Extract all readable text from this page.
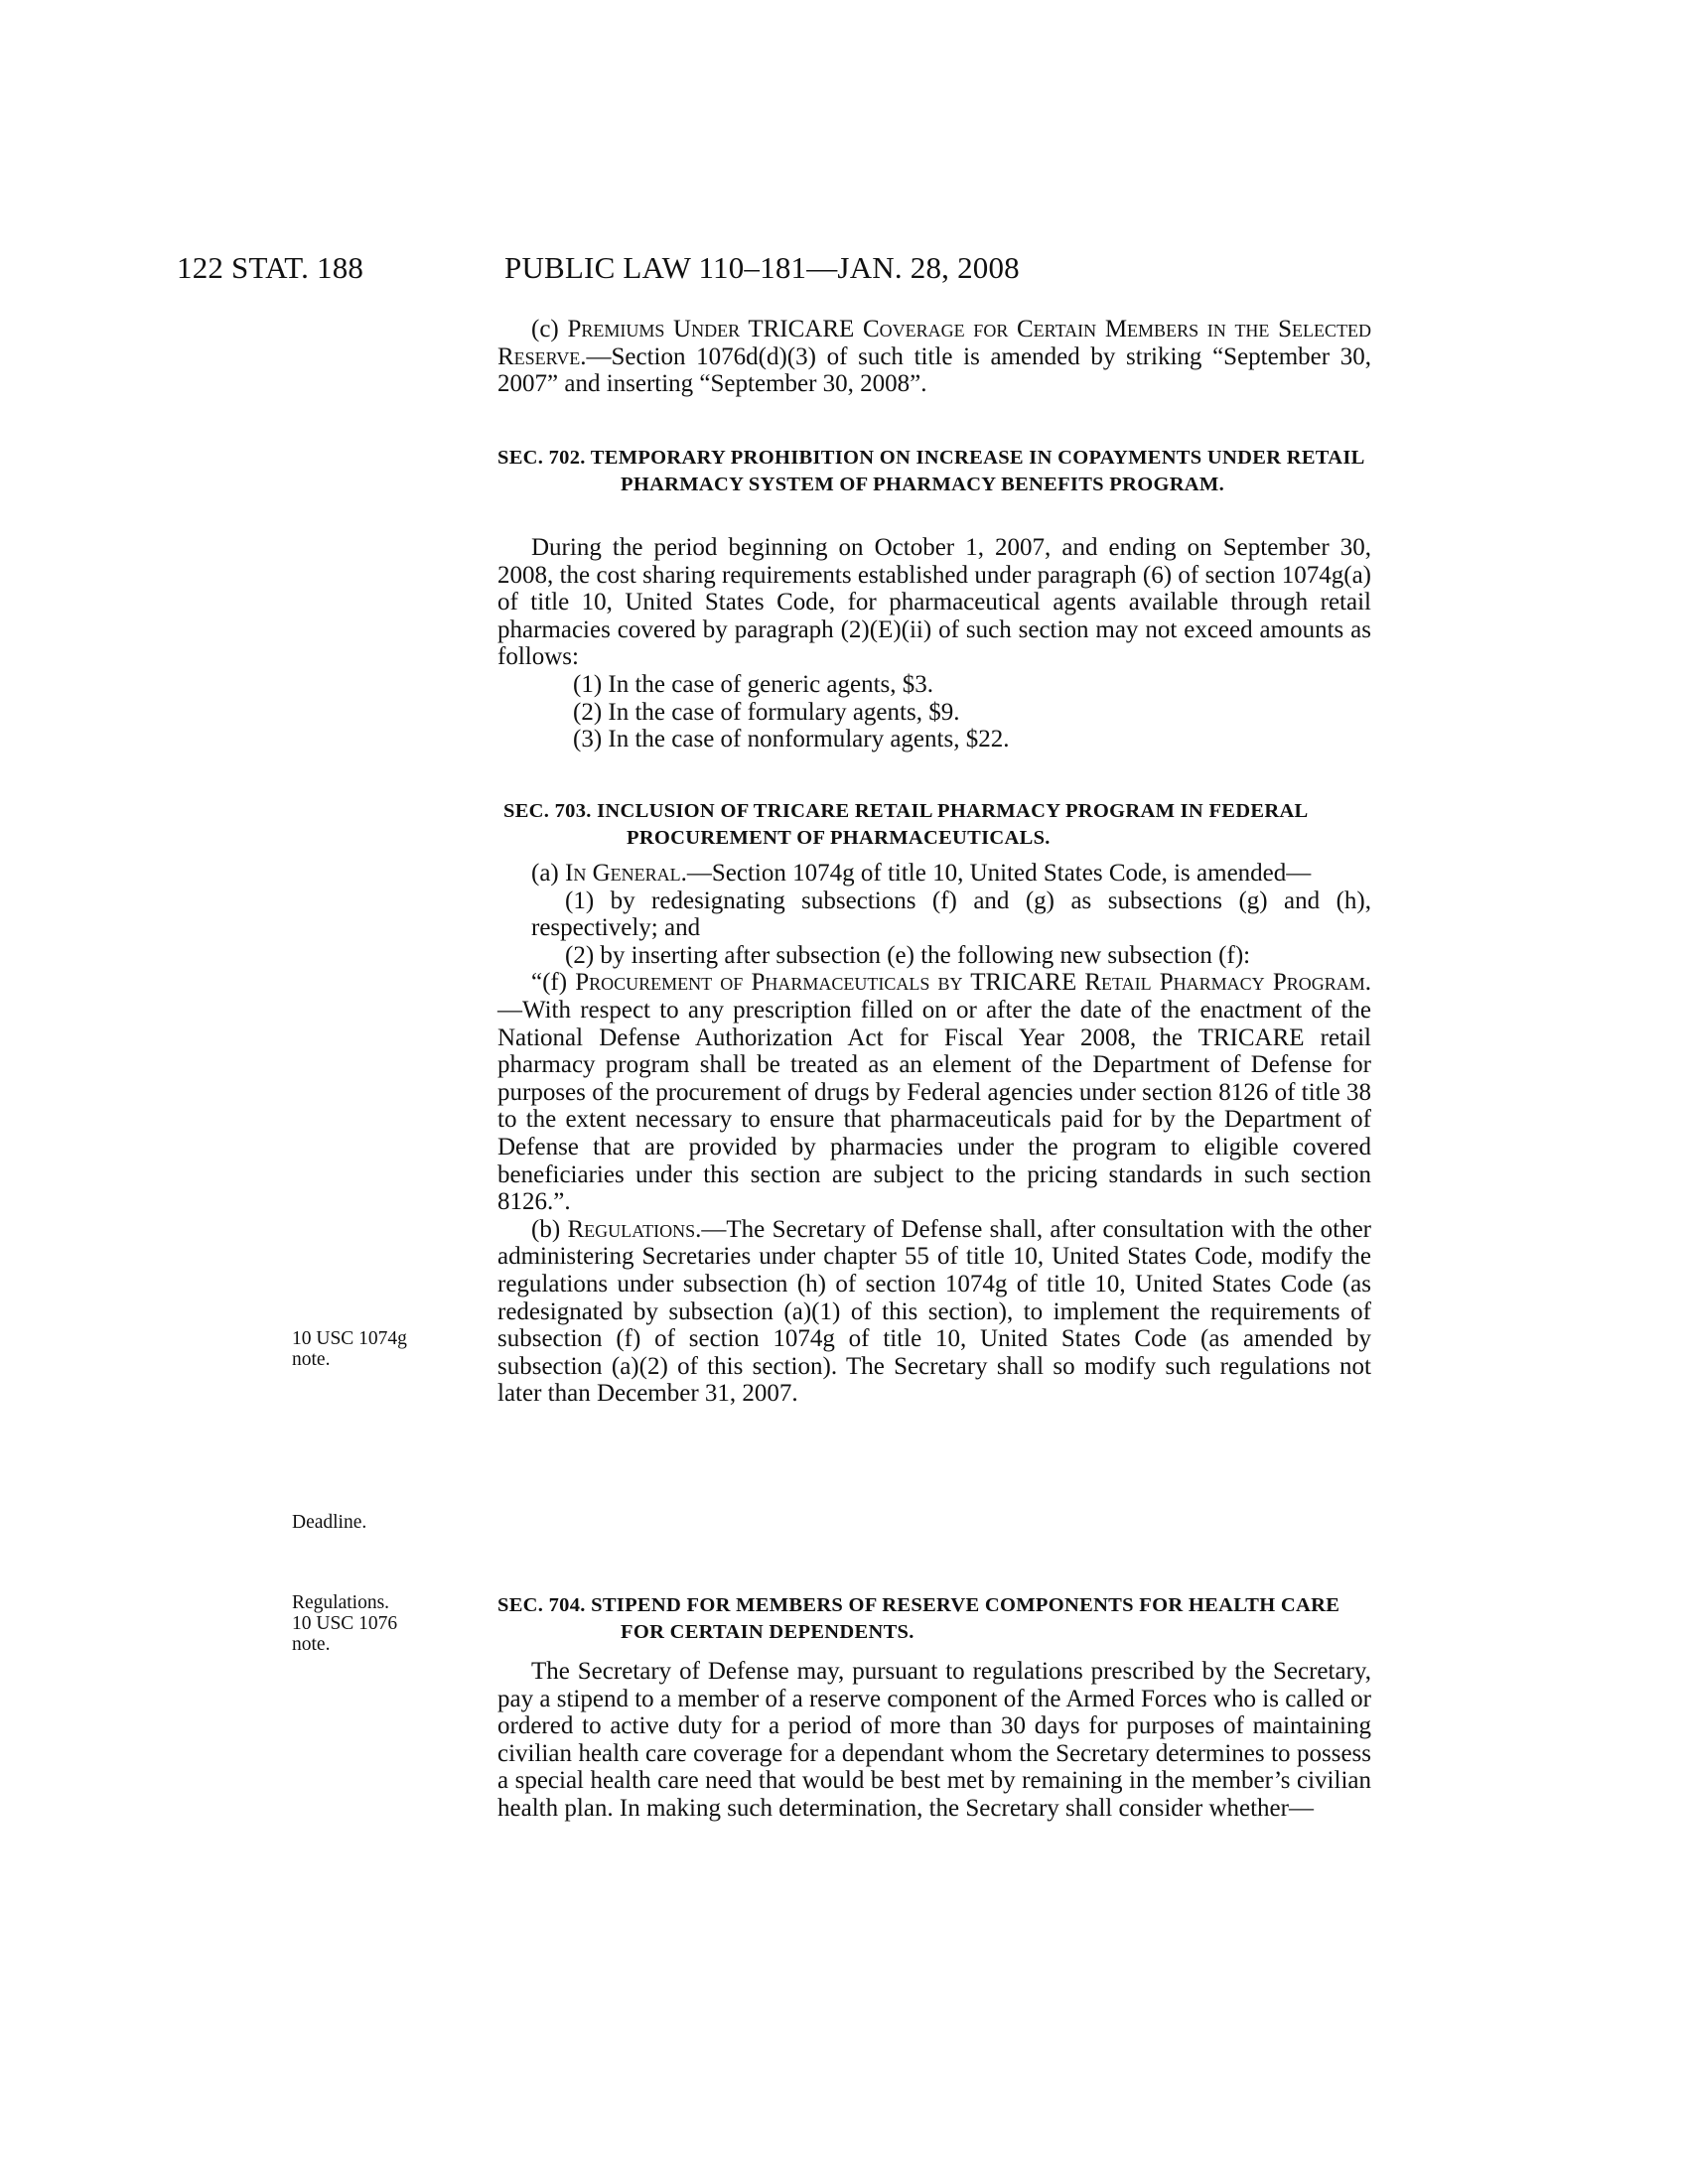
122 STAT. 188	PUBLIC LAW 110–181—JAN. 28, 2008
10 USC 1074g
note.
Deadline.
Regulations.
10 USC 1076
note.

(c) Premiums Under TRICARE Coverage for Certain Members in the Selected Reserve.—Section 1076d(d)(3) of such title is amended by striking “September 30, 2007” and inserting “September 30, 2008”.

SEC. 702. TEMPORARY PROHIBITION ON INCREASE IN COPAYMENTS UNDER RETAIL PHARMACY SYSTEM OF PHARMACY BENEFITS PROGRAM.

During the period beginning on October 1, 2007, and ending on September 30, 2008, the cost sharing requirements established under paragraph (6) of section 1074g(a) of title 10, United States Code, for pharmaceutical agents available through retail pharmacies covered by paragraph (2)(E)(ii) of such section may not exceed amounts as follows:

(1) In the case of generic agents, $3.

(2) In the case of formulary agents, $9.

(3) In the case of nonformulary agents, $22.

SEC. 703. INCLUSION OF TRICARE RETAIL PHARMACY PROGRAM IN FEDERAL PROCUREMENT OF PHARMACEUTICALS.

(a) In General.—Section 1074g of title 10, United States Code, is amended—

(1) by redesignating subsections (f) and (g) as subsections (g) and (h), respectively; and

(2) by inserting after subsection (e) the following new subsection (f):

“(f) Procurement of Pharmaceuticals by TRICARE Retail Pharmacy Program.—With respect to any prescription filled on or after the date of the enactment of the National Defense Authorization Act for Fiscal Year 2008, the TRICARE retail pharmacy program shall be treated as an element of the Department of Defense for purposes of the procurement of drugs by Federal agencies under section 8126 of title 38 to the extent necessary to ensure that pharmaceuticals paid for by the Department of Defense that are provided by pharmacies under the program to eligible covered beneficiaries under this section are subject to the pricing standards in such section 8126.”.

(b) Regulations.—The Secretary of Defense shall, after consultation with the other administering Secretaries under chapter 55 of title 10, United States Code, modify the regulations under subsection (h) of section 1074g of title 10, United States Code (as redesignated by subsection (a)(1) of this section), to implement the requirements of subsection (f) of section 1074g of title 10, United States Code (as amended by subsection (a)(2) of this section). The Secretary shall so modify such regulations not later than December 31, 2007.

SEC. 704. STIPEND FOR MEMBERS OF RESERVE COMPONENTS FOR HEALTH CARE FOR CERTAIN DEPENDENTS.

The Secretary of Defense may, pursuant to regulations prescribed by the Secretary, pay a stipend to a member of a reserve component of the Armed Forces who is called or ordered to active duty for a period of more than 30 days for purposes of maintaining civilian health care coverage for a dependant whom the Secretary determines to possess a special health care need that would be best met by remaining in the member’s civilian health plan. In making such determination, the Secretary shall consider whether—
